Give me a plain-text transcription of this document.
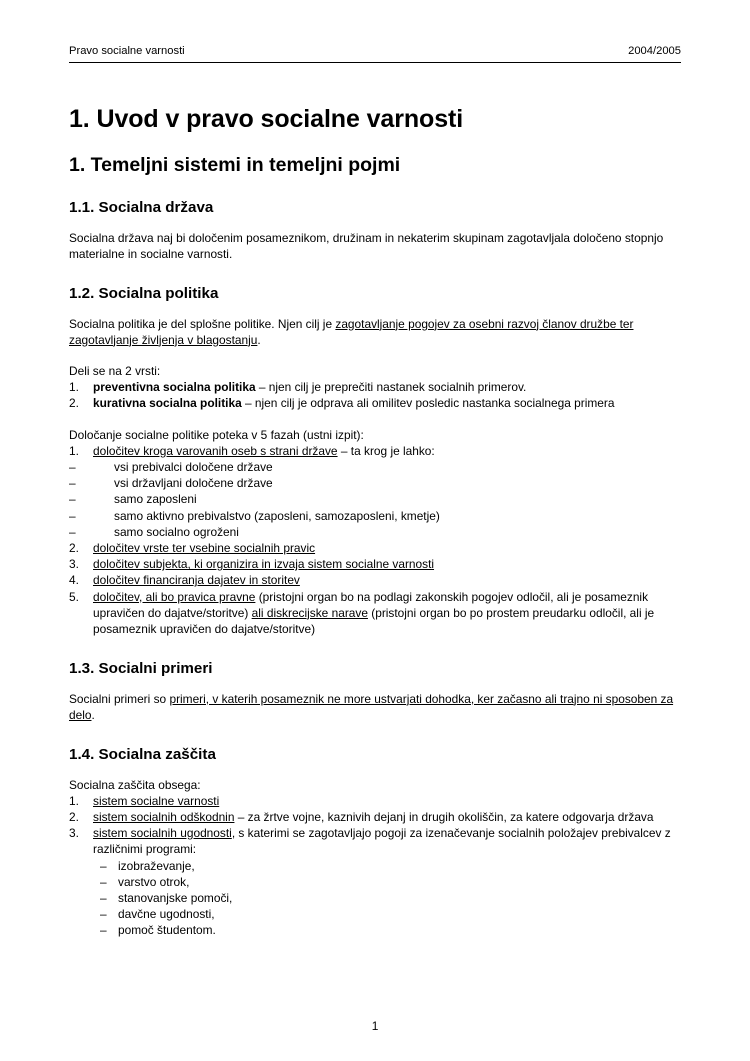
Pravo socialne varnosti	2004/2005
1. Uvod v pravo socialne varnosti
1. Temeljni sistemi in temeljni pojmi
1.1. Socialna država

Socialna država naj bi določenim posameznikom, družinam in nekaterim skupinam zagotavljala določeno stopnjo materialne in socialne varnosti.

1.2. Socialna politika

Socialna politika je del splošne politike. Njen cilj je zagotavljanje pogojev za osebni razvoj članov družbe ter zagotavljanje življenja v blagostanju.

Deli se na 2 vrsti:

1.	preventivna socialna politika – njen cilj je preprečiti nastanek socialnih primerov.
2.	kurativna socialna politika – njen cilj je odprava ali omilitev posledic nastanka socialnega primera

Določanje socialne politike poteka v 5 fazah (ustni izpit):

1.	določitev kroga varovanih oseb s strani države – ta krog je lahko:
–	vsi prebivalci določene države
–	vsi državljani določene države
–	samo zaposleni
–	samo aktivno prebivalstvo (zaposleni, samozaposleni, kmetje)
–	samo socialno ogroženi
2.	določitev vrste ter vsebine socialnih pravic
3.	določitev subjekta, ki organizira in izvaja sistem socialne varnosti
4.	določitev financiranja dajatev in storitev
5.	določitev, ali bo pravica pravne (pristojni organ bo na podlagi zakonskih pogojev odločil, ali je posameznik upravičen do dajatve/storitve) ali diskrecijske narave (pristojni organ bo po prostem preudarku odločil, ali je posameznik upravičen do dajatve/storitve)
1.3. Socialni primeri

Socialni primeri so primeri, v katerih posameznik ne more ustvarjati dohodka, ker začasno ali trajno ni sposoben za delo.

1.4. Socialna zaščita

Socialna zaščita obsega:

1.	sistem socialne varnosti
2.	sistem socialnih odškodnin – za žrtve vojne, kaznivih dejanj in drugih okoliščin, za katere odgovarja država
3.	sistem socialnih ugodnosti, s katerimi se zagotavljajo pogoji za izenačevanje socialnih položajev prebivalcev z različnimi programi:
– izobraževanje,
– varstvo otrok,
– stanovanjske pomoči,
– davčne ugodnosti,
– pomoč študentom.
1
